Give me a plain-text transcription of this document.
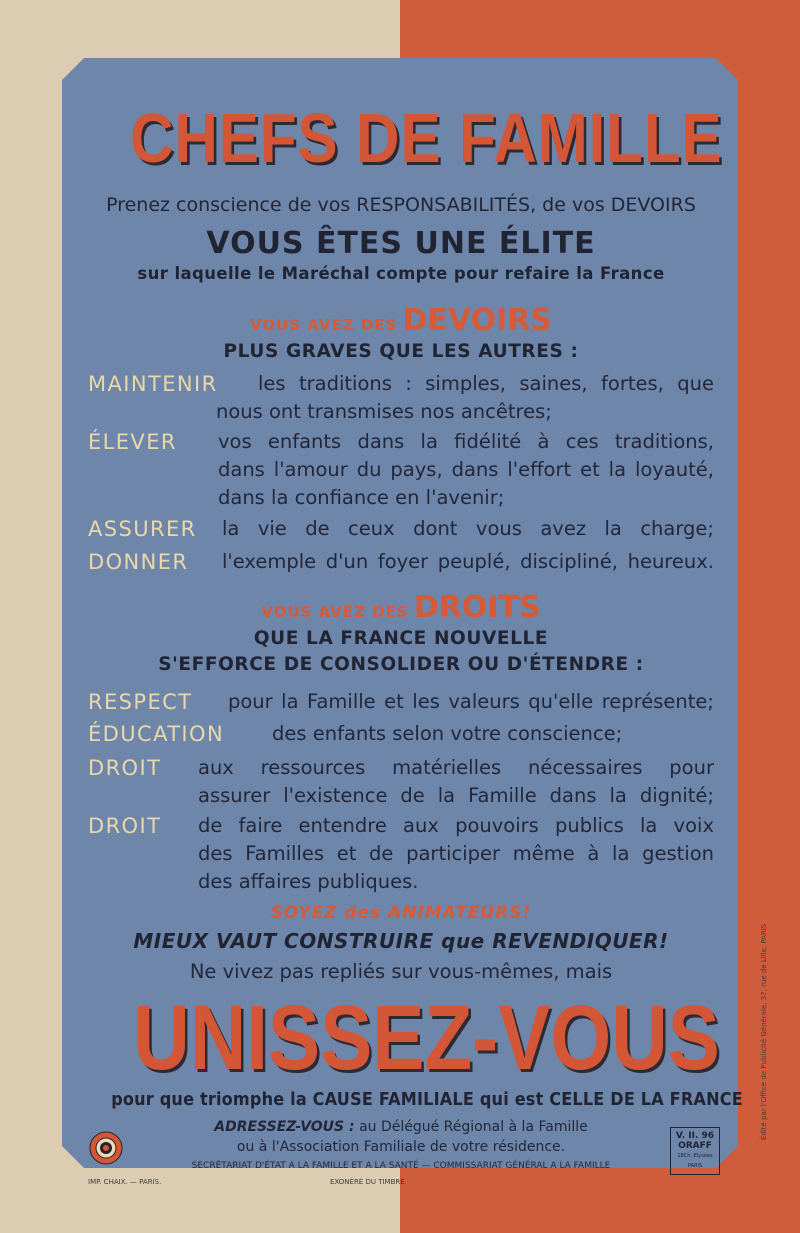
CHEFS DE FAMILLE
Prenez conscience de vos RESPONSABILITÉS, de vos DEVOIRS
VOUS ÊTES UNE ÉLITE
sur laquelle le Maréchal compte pour refaire la France
VOUS AVEZ DES DEVOIRS
PLUS GRAVES QUE LES AUTRES :
MAINTENIR les traditions : simples, saines, fortes, que
nous ont transmises nos ancêtres;
ÉLEVER vos enfants dans la fidélité à ces traditions,
dans l'amour du pays, dans l'effort et la loyauté,
dans la confiance en l'avenir;
ASSURER la vie de ceux dont vous avez la charge;
DONNER l'exemple d'un foyer peuplé, discipliné, heureux.
VOUS AVEZ DES DROITS
QUE LA FRANCE NOUVELLE
S'EFFORCE DE CONSOLIDER OU D'ÉTENDRE :
RESPECT pour la Famille et les valeurs qu'elle représente;
ÉDUCATION des enfants selon votre conscience;
DROIT aux ressources matérielles nécessaires pour
assurer l'existence de la Famille dans la dignité;
DROIT de faire entendre aux pouvoirs publics la voix
des Familles et de participer même à la gestion
des affaires publiques.
SOYEZ des ANIMATEURS!
MIEUX VAUT CONSTRUIRE que REVENDIQUER!
Ne vivez pas repliés sur vous-mêmes, mais
UNISSEZ-VOUS
pour que triomphe la CAUSE FAMILIALE qui est CELLE DE LA FRANCE
ADRESSEZ-VOUS : au Délégué Régional à la Famille
ou à l'Association Familiale de votre résidence.
SECRÉTARIAT D'ÉTAT A LA FAMILLE ET A LA SANTÉ — COMMISSARIAT GÉNÉRAL A LA FAMILLE
IMP. CHAIX. — PARIS.	EXONÉRÉ DU TIMBRE
V. II. 96
ORAFF
18Ch.-Elysées
PARIS
Édité par l'Office de Publicité Générale, 37, rue de Lille, PARIS
